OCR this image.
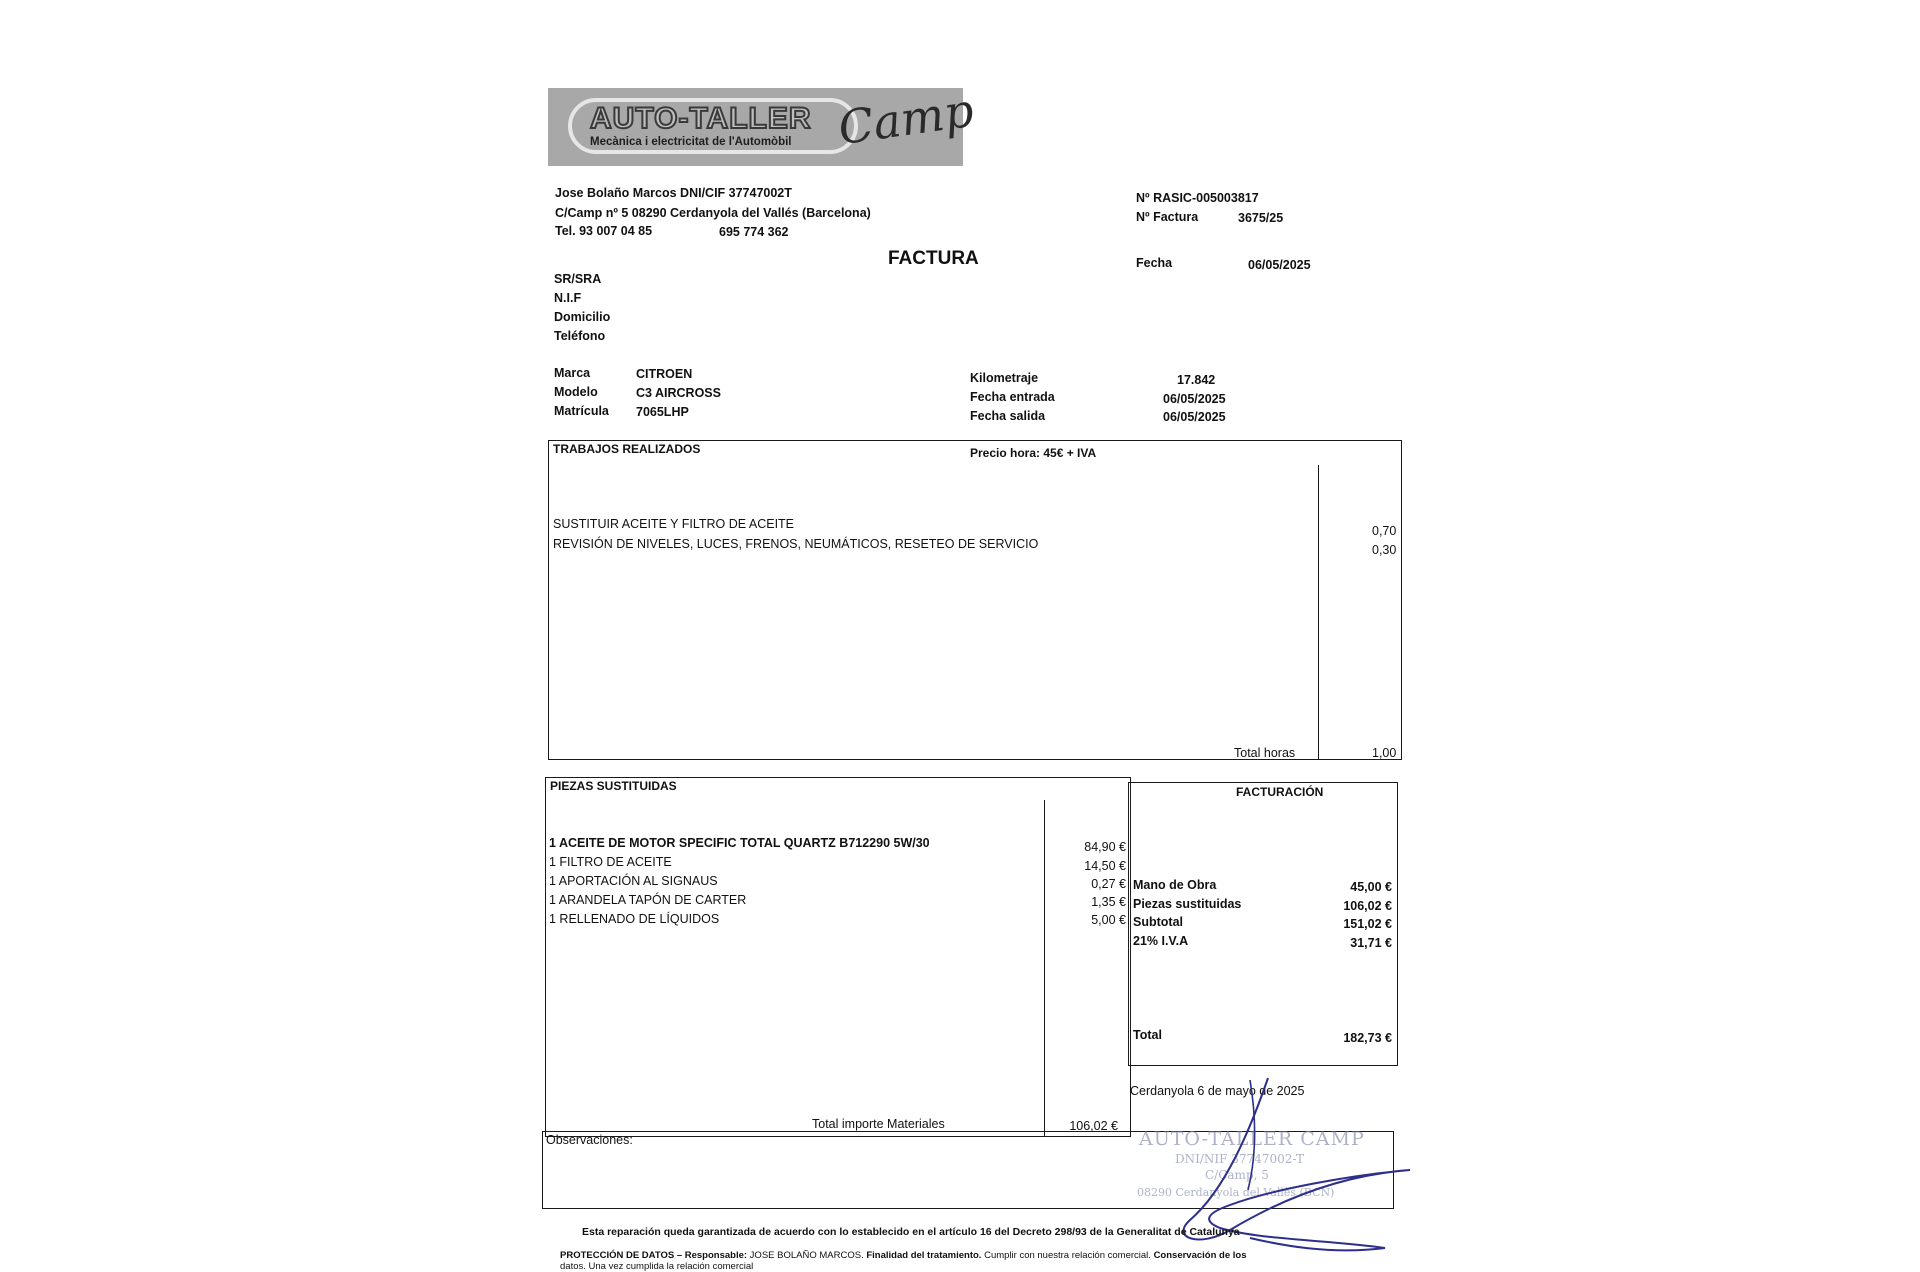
AUTO-TALLER
Mecànica i electricitat de l'Automòbil Camp
Jose Bolaño Marcos DNI/CIF 37747002T
C/Camp nº 5 08290 Cerdanyola del Vallés (Barcelona)
Tel. 93 007 04 85	695 774 362
Nº RASIC-005003817
Nº Factura	3675/25
FACTURA	Fecha	06/05/2025
SR/SRA
N.I.F
Domicilio
Teléfono
Marca	CITROEN
Modelo	C3 AIRCROSS
Matrícula 7065LHP
Kilometraje	17.842
Fecha entrada	06/05/2025
Fecha salida	06/05/2025
TRABAJOS REALIZADOS	Precio hora: 45€ + IVA
SUSTITUIR ACEITE Y FILTRO DE ACEITE	0,70
REVISIÓN DE NIVELES, LUCES, FRENOS, NEUMÁTICOS, RESETEO DE SERVICIO	0,30
Total horas	1,00
PIEZAS SUSTITUIDAS
1 ACEITE DE MOTOR SPECIFIC TOTAL QUARTZ B712290 5W/30	84,90 €
1 FILTRO DE ACEITE	14,50 €
1 APORTACIÓN AL SIGNAUS	0,27 €
1 ARANDELA TAPÓN DE CARTER	1,35 €
1 RELLENADO DE LÍQUIDOS	5,00 €
Total importe Materiales	106,02 €
FACTURACIÓN
Mano de Obra	45,00 €
Piezas sustituidas	106,02 €
Subtotal	151,02 €
21% I.V.A	31,71 €
Total	182,73 €
Cerdanyola 6 de mayo de 2025
Observaciones:	AUTO-TALLER CAMP
DNI/NIF 37747002-T
C/Camp, 5
08290 Cerdanyola del Vallès (BCN)
Esta reparación queda garantizada de acuerdo con lo establecido en el artículo 16 del Decreto 298/93 de la Generalitat de Catalunya
PROTECCIÓN DE DATOS – Responsable: JOSE BOLAÑO MARCOS. Finalidad del tratamiento. Cumplir con nuestra relación comercial. Conservación de los
datos. Una vez cumplida la relación comercial
